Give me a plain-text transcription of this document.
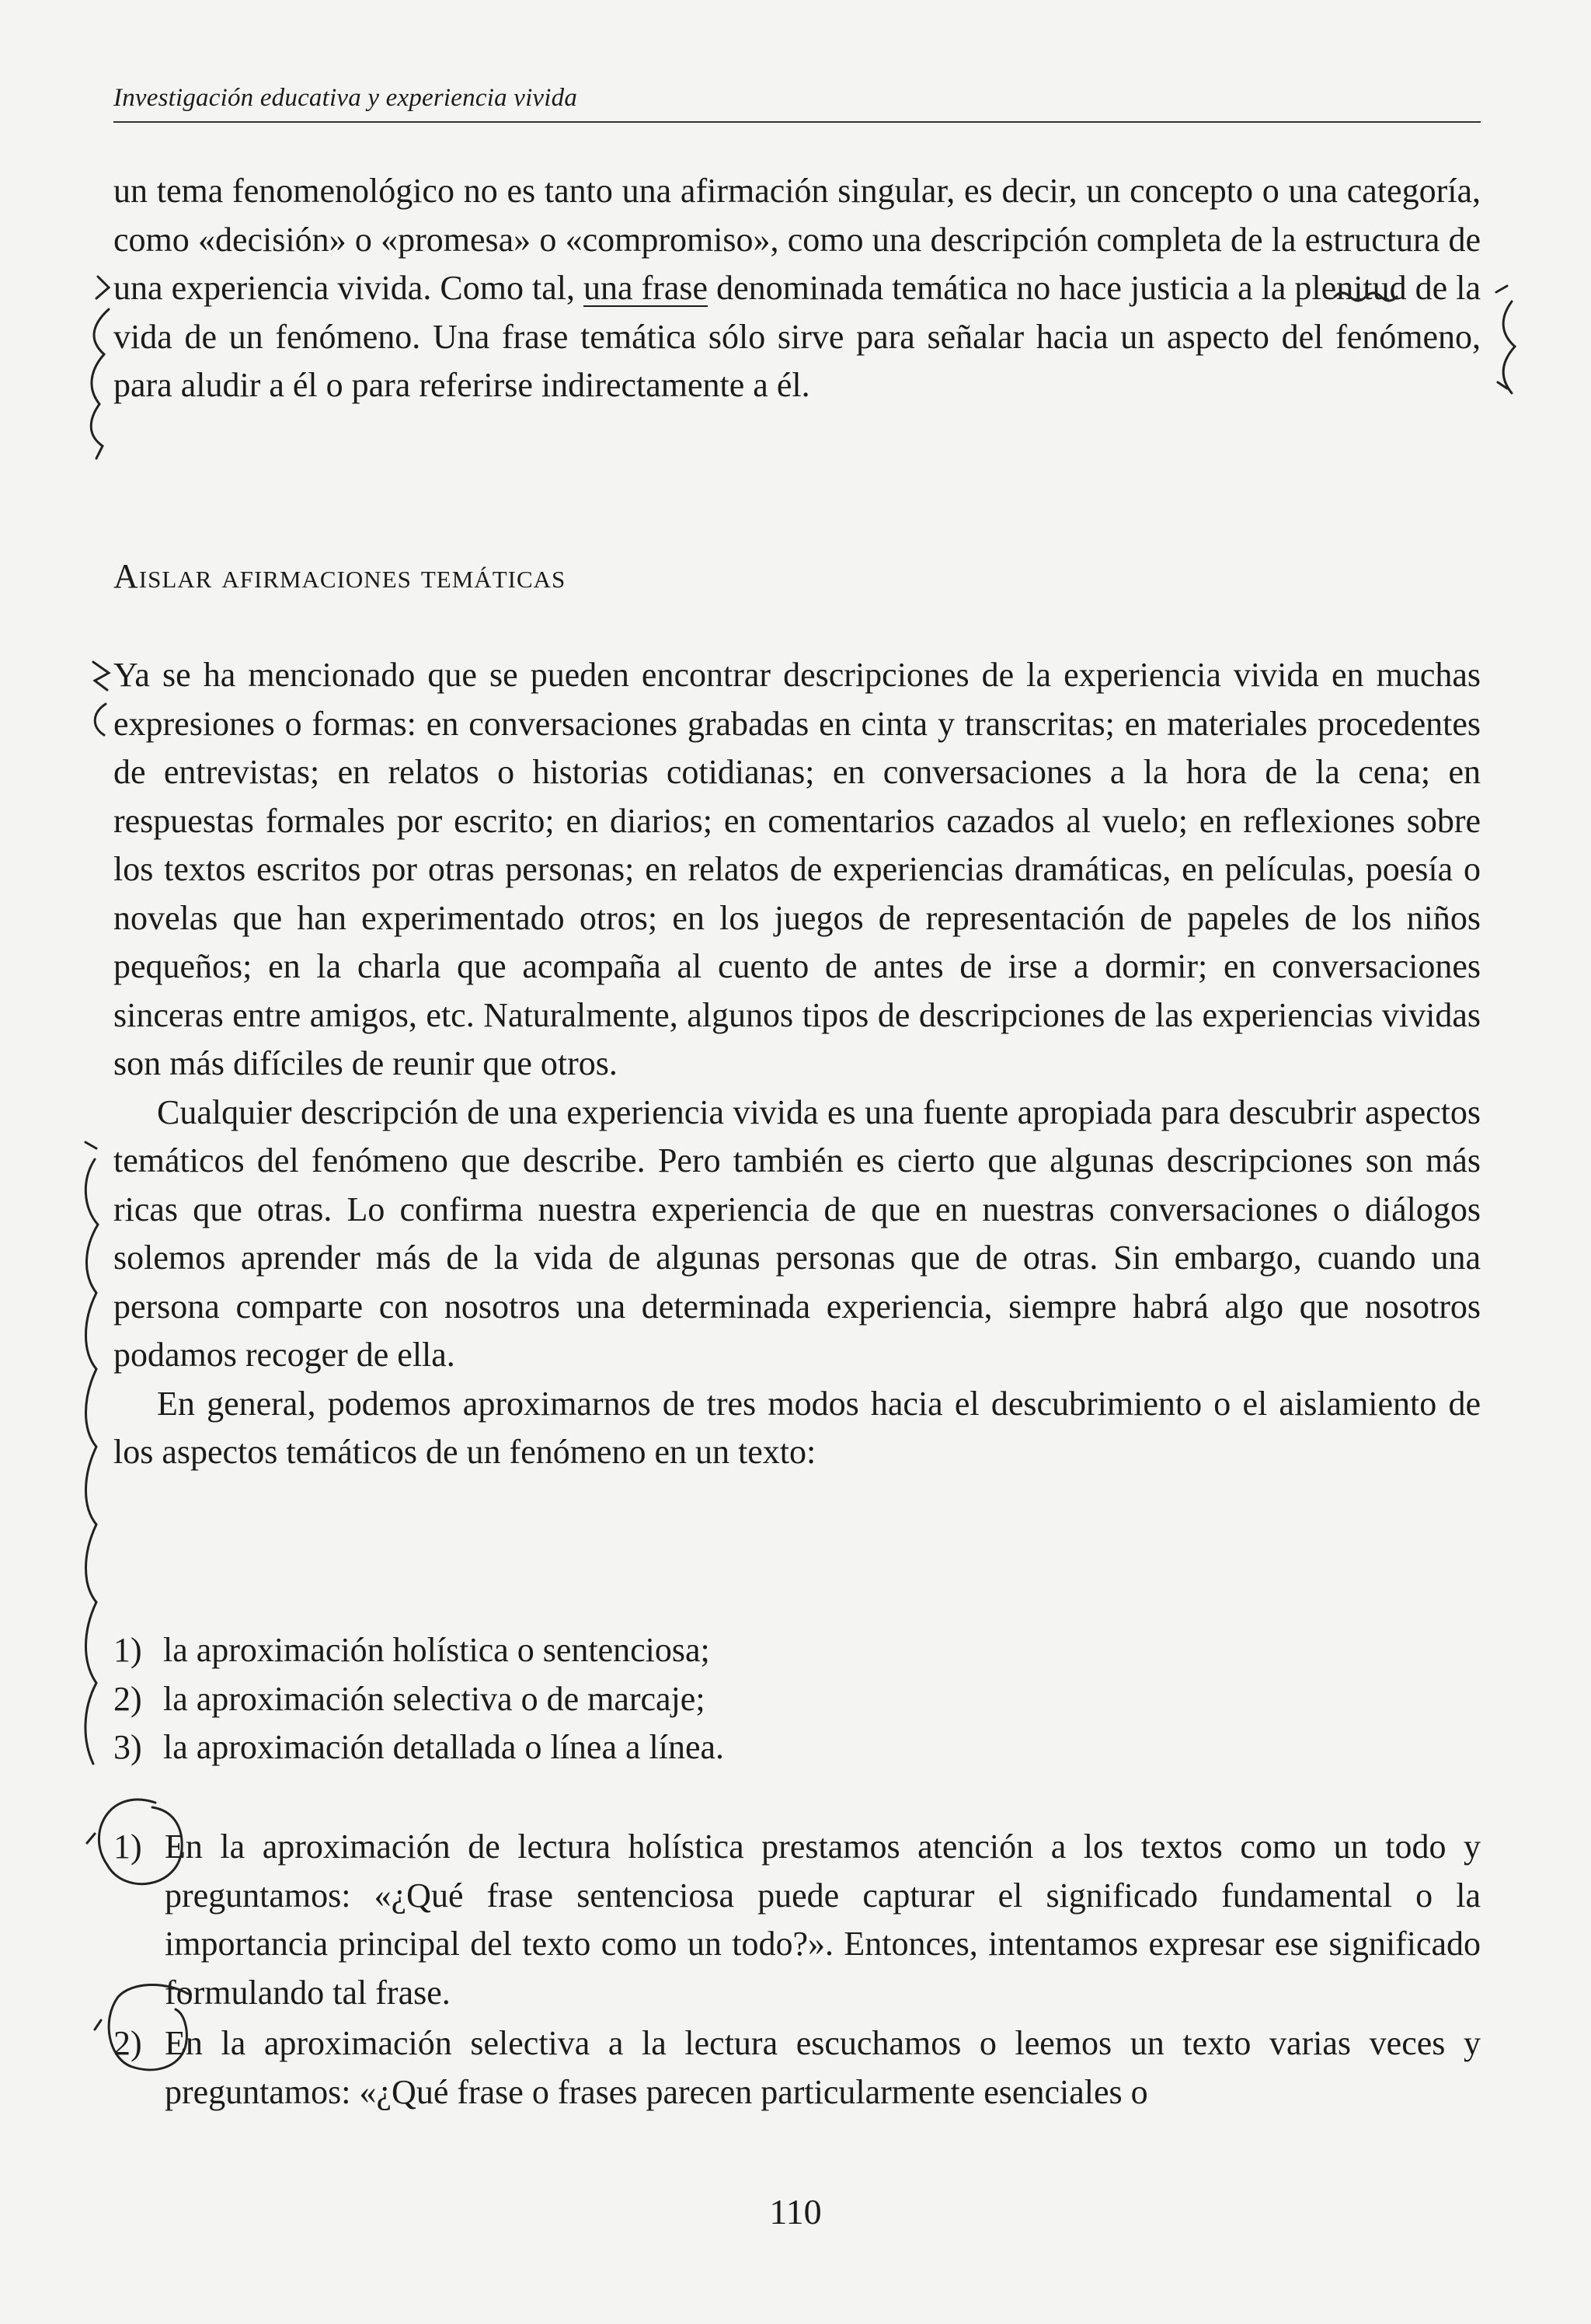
Investigación educativa y experiencia vivida

un tema fenomenológico no es tanto una afirmación singular, es decir, un concepto o una categoría, como «decisión» o «promesa» o «compromiso», como una descripción completa de la estructura de una experiencia vivida. Como tal, una frase denominada temática no hace justicia a la plenitud de la vida de un fenómeno. Una frase temática sólo sirve para señalar hacia un aspecto del fenómeno, para aludir a él o para referirse indirectamente a él.

Aislar afirmaciones temáticas

Ya se ha mencionado que se pueden encontrar descripciones de la experiencia vivida en muchas expresiones o formas: en conversaciones grabadas en cinta y transcritas; en materiales procedentes de entrevistas; en relatos o historias cotidianas; en conversaciones a la hora de la cena; en respuestas formales por escrito; en diarios; en comentarios cazados al vuelo; en reflexiones sobre los textos escritos por otras personas; en relatos de experiencias dramáticas, en películas, poesía o novelas que han experimentado otros; en los juegos de representación de papeles de los niños pequeños; en la charla que acompaña al cuento de antes de irse a dormir; en conversaciones sinceras entre amigos, etc. Naturalmente, algunos tipos de descripciones de las experiencias vividas son más difíciles de reunir que otros.

Cualquier descripción de una experiencia vivida es una fuente apropiada para descubrir aspectos temáticos del fenómeno que describe. Pero también es cierto que algunas descripciones son más ricas que otras. Lo confirma nuestra experiencia de que en nuestras conversaciones o diálogos solemos aprender más de la vida de algunas personas que de otras. Sin embargo, cuando una persona comparte con nosotros una determinada experiencia, siempre habrá algo que nosotros podamos recoger de ella.

En general, podemos aproximarnos de tres modos hacia el descubrimiento o el aislamiento de los aspectos temáticos de un fenómeno en un texto:

1) la aproximación holística o sentenciosa;
2) la aproximación selectiva o de marcaje;
3) la aproximación detallada o línea a línea.
1) En la aproximación de lectura holística prestamos atención a los textos como un todo y preguntamos: «¿Qué frase sentenciosa puede capturar el significado fundamental o la importancia principal del texto como un todo?». Entonces, intentamos expresar ese significado formulando tal frase.
2) En la aproximación selectiva a la lectura escuchamos o leemos un texto varias veces y preguntamos: «¿Qué frase o frases parecen particularmente esenciales o
110
